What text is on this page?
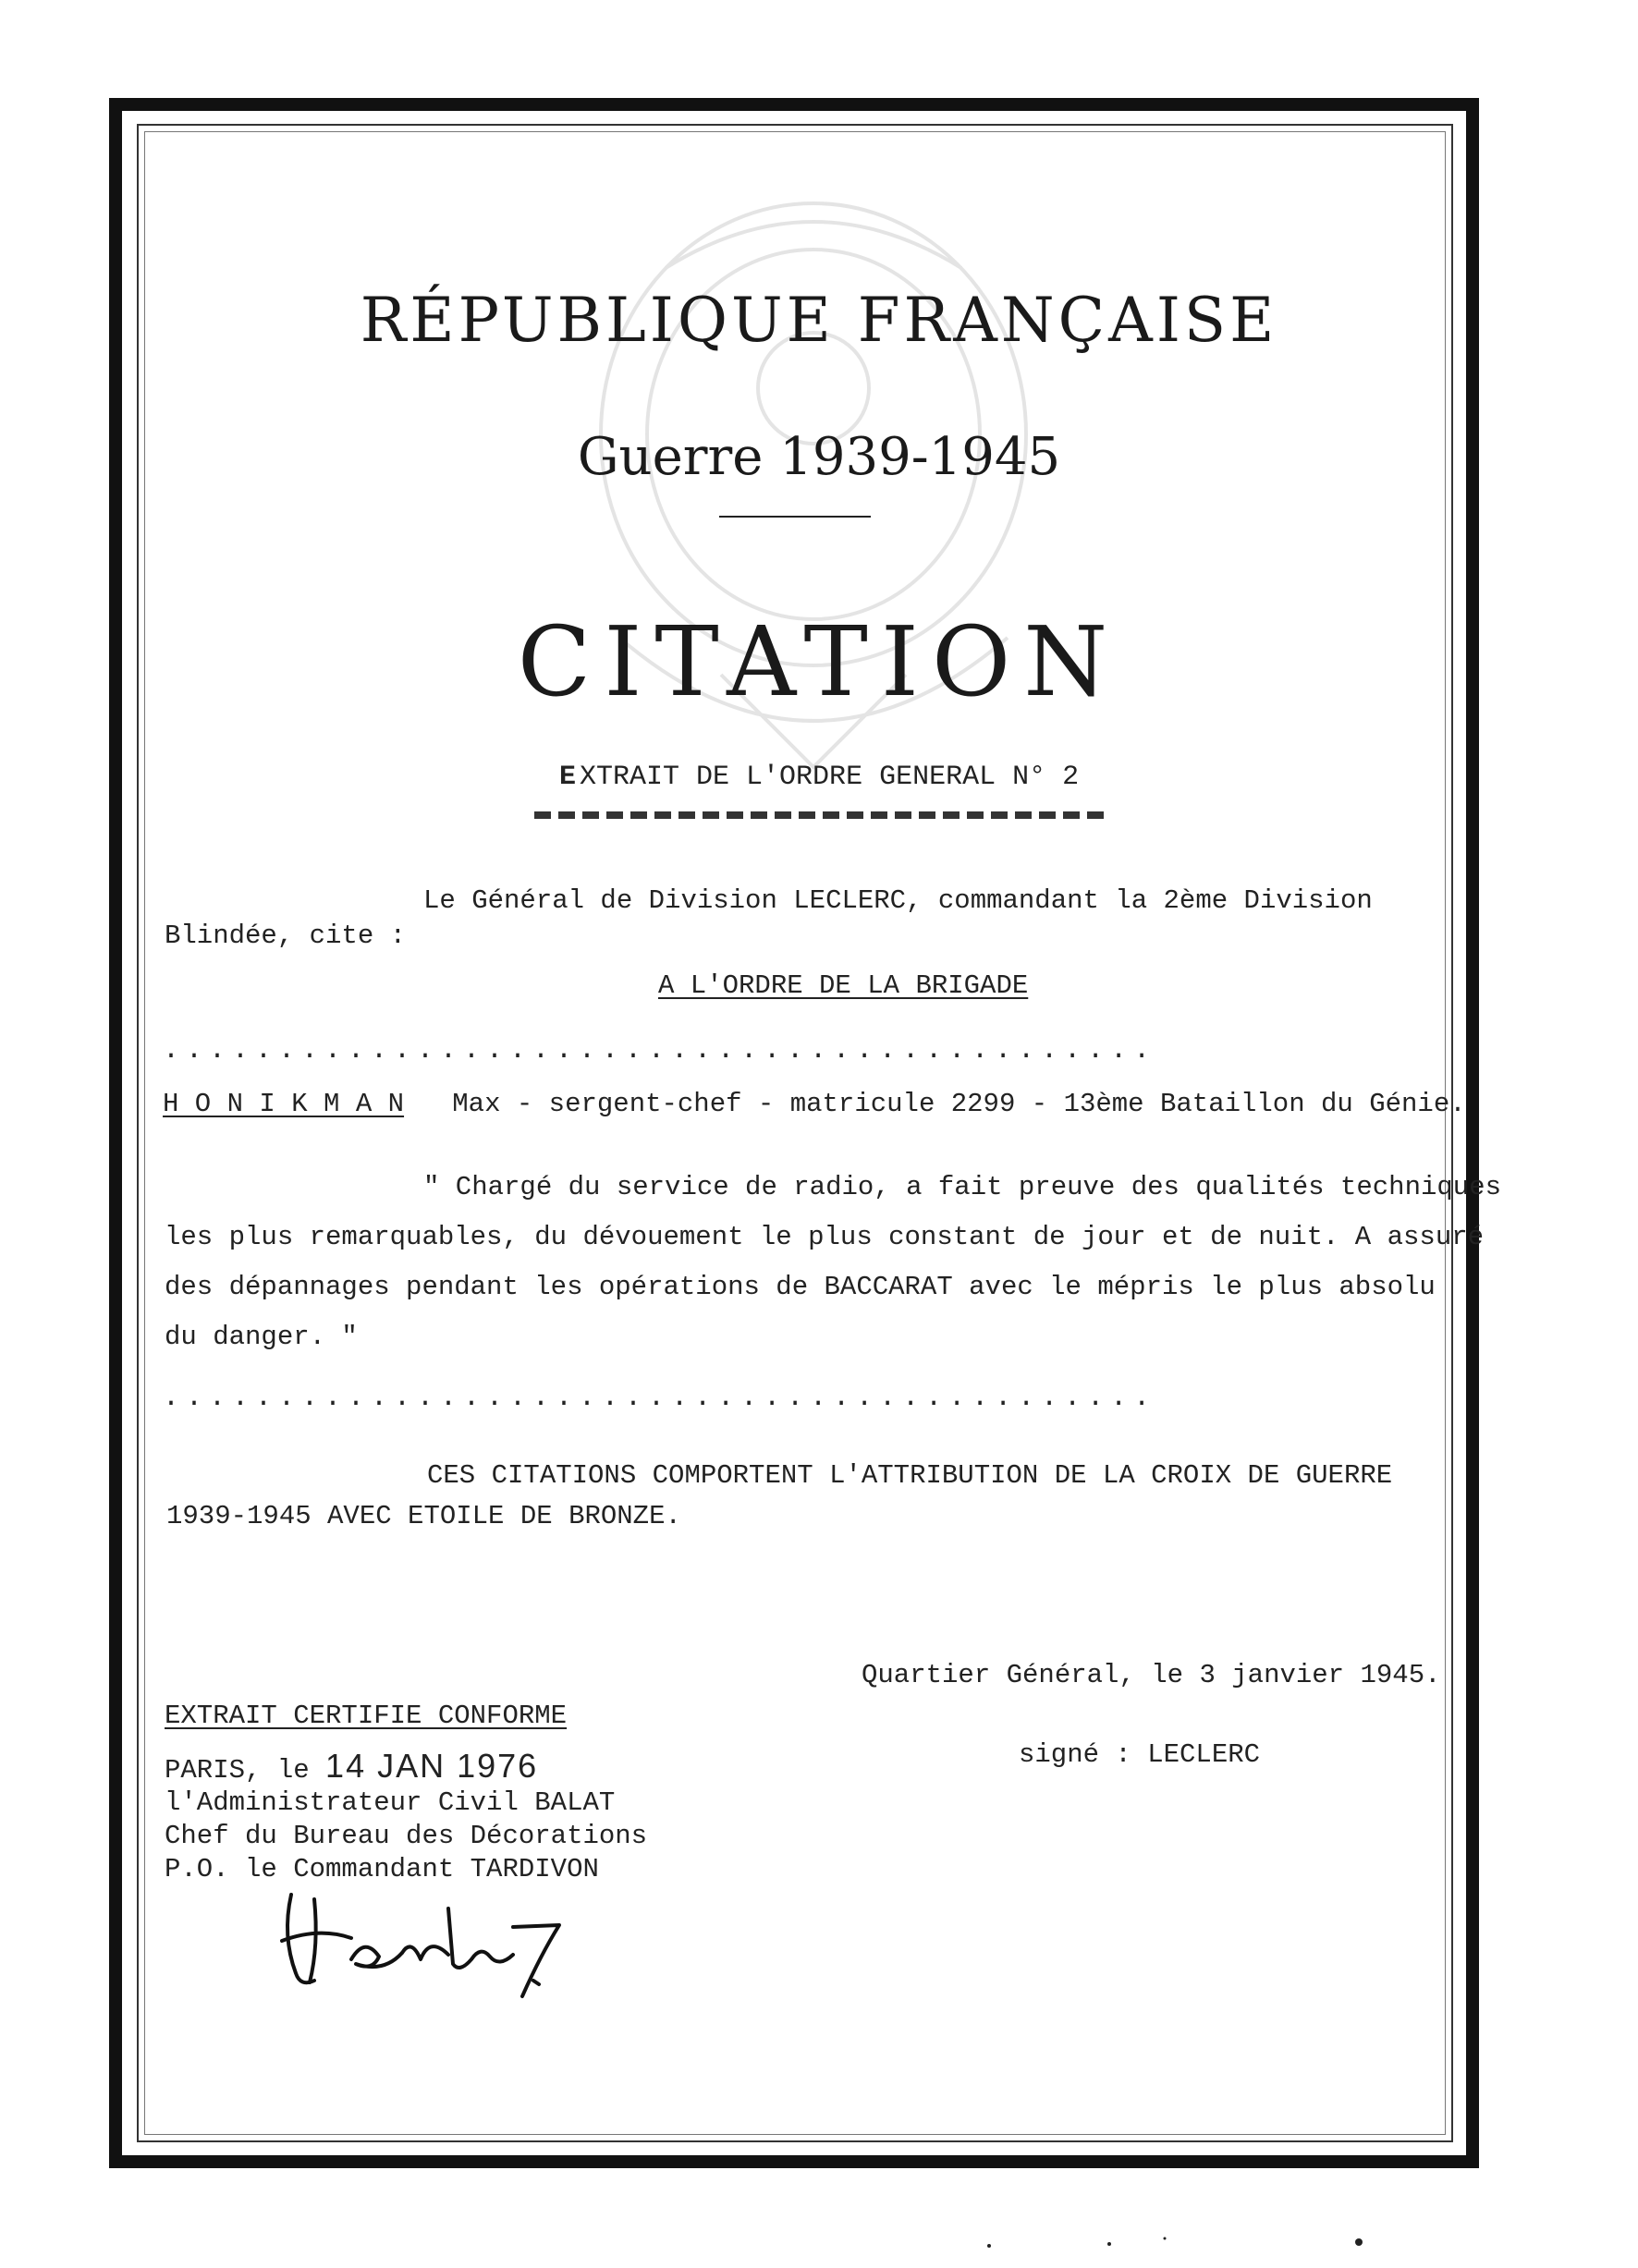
RÉPUBLIQUE FRANÇAISE
Guerre 1939-1945
CITATION
E XTRAIT DE L'ORDRE GENERAL N° 2
Le Général de Division LECLERC, commandant la 2ème Division
Blindée, cite :
A L'ORDRE DE LA BRIGADE
...........................................
H O N I K M A N Max - sergent-chef - matricule 2299 - 13ème Bataillon du Génie.
" Chargé du service de radio, a fait preuve des qualités techniques
les plus remarquables, du dévouement le plus constant de jour et de nuit. A assuré
des dépannages pendant les opérations de BACCARAT avec le mépris le plus absolu
du danger. "
...........................................
CES CITATIONS COMPORTENT L'ATTRIBUTION DE LA CROIX DE GUERRE
1939-1945 AVEC ETOILE DE BRONZE.
Quartier Général, le 3 janvier 1945.
signé : LECLERC
EXTRAIT CERTIFIE CONFORME
PARIS, le 14 JAN 1976
l'Administrateur Civil BALAT
Chef du Bureau des Décorations
P.O. le Commandant TARDIVON
